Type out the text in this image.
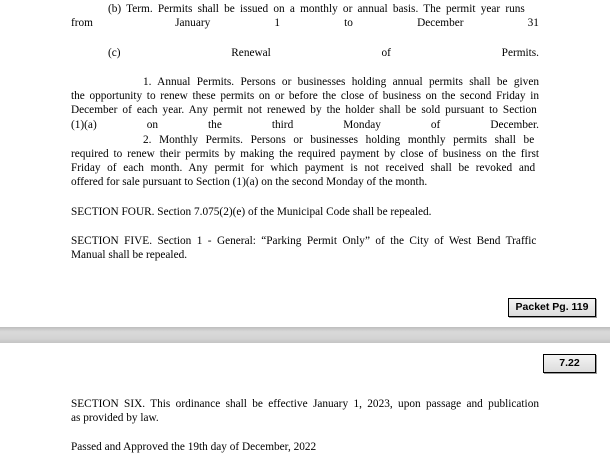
(b) Term. Permits shall be issued on a monthly or annual basis. The permit year runs
from	January	1	to	December	31
(c)	Renewal	of	Permits.
1. Annual Permits. Persons or businesses holding annual permits shall be given
the opportunity to renew these permits on or before the close of business on the second Friday in
December of each year. Any permit not renewed by the holder shall be sold pursuant to Section
(1)(a)	on	the	third	Monday	of	December.
2. Monthly Permits. Persons or businesses holding monthly permits shall be
required to renew their permits by making the required payment by close of business on the first
Friday of each month. Any permit for which payment is not received shall be revoked and
offered for sale pursuant to Section (1)(a) on the second Monday of the month.
SECTION FOUR. Section 7.075(2)(e) of the Municipal Code shall be repealed.
SECTION FIVE. Section 1 - General: “Parking Permit Only” of the City of West Bend Traffic
Manual shall be repealed.
Packet Pg. 119
7.22
SECTION SIX. This ordinance shall be effective January 1, 2023, upon passage and publication
as provided by law.
Passed and Approved the 19th day of December, 2022
